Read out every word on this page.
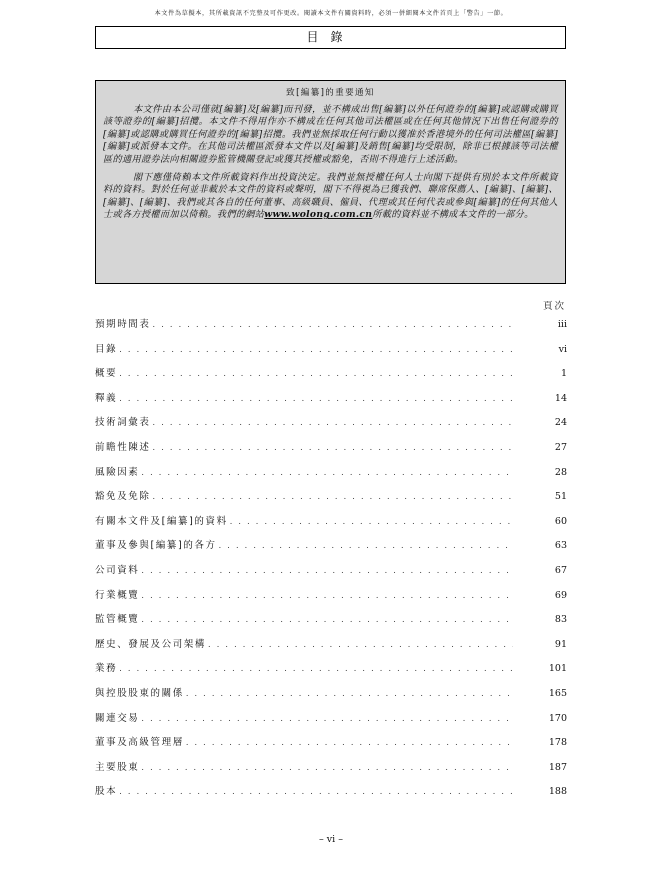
本文件為草擬本，其所載資訊不完整及可作更改。閱讀本文件有關資料時，必須一併細閱本文件首頁上「警告」一節。
目錄
致[編纂]的重要通知

本文件由本公司僅就[編纂]及[編纂]而刊發，並不構成出售[編纂]以外任何證券的[編纂]或認購或購買該等證券的[編纂]招攬。本文件不得用作亦不構成在任何其他司法權區或在任何其他情況下出售任何證券的[編纂]或認購或購買任何證券的[編纂]招攬。我們並無採取任何行動以獲准於香港境外的任何司法權區[編纂][編纂]或派發本文件。在其他司法權區派發本文件以及[編纂]及銷售[編纂]均受限制，除非已根據該等司法權區的適用證券法向相關證券監管機關登記或獲其授權或豁免，否則不得進行上述活動。

閣下應僅倚賴本文件所載資料作出投資決定。我們並無授權任何人士向閣下提供有別於本文件所載資料的資料。對於任何並非載於本文件的資料或聲明，閣下不得視為已獲我們、聯席保薦人、[編纂]、[編纂]、[編纂]、[編纂]、我們或其各自的任何董事、高級職員、僱員、代理或其任何代表或參與[編纂]的任何其他人士或各方授權而加以倚賴。我們的網站www.wolong.com.cn所載的資料並不構成本文件的一部分。

頁次
預期時間表 . . .	iii
目錄 . . .	vi
概要 . . .	1
釋義 . . .	14
技術詞彙表 . . .	24
前瞻性陳述 . . .	27
風險因素 . . .	28
豁免及免除 . . .	51
有關本文件及[編纂]的資料 . . .	60
董事及參與[編纂]的各方 . . .	63
公司資料 . . .	67
行業概覽 . . .	69
監管概覽 . . .	83
歷史、發展及公司架構 . . .	91
業務 . . .	101
與控股股東的關係 . . .	165
關連交易 . . .	170
董事及高級管理層 . . .	178
主要股東 . . .	187
股本 . . .	188
– vi –
